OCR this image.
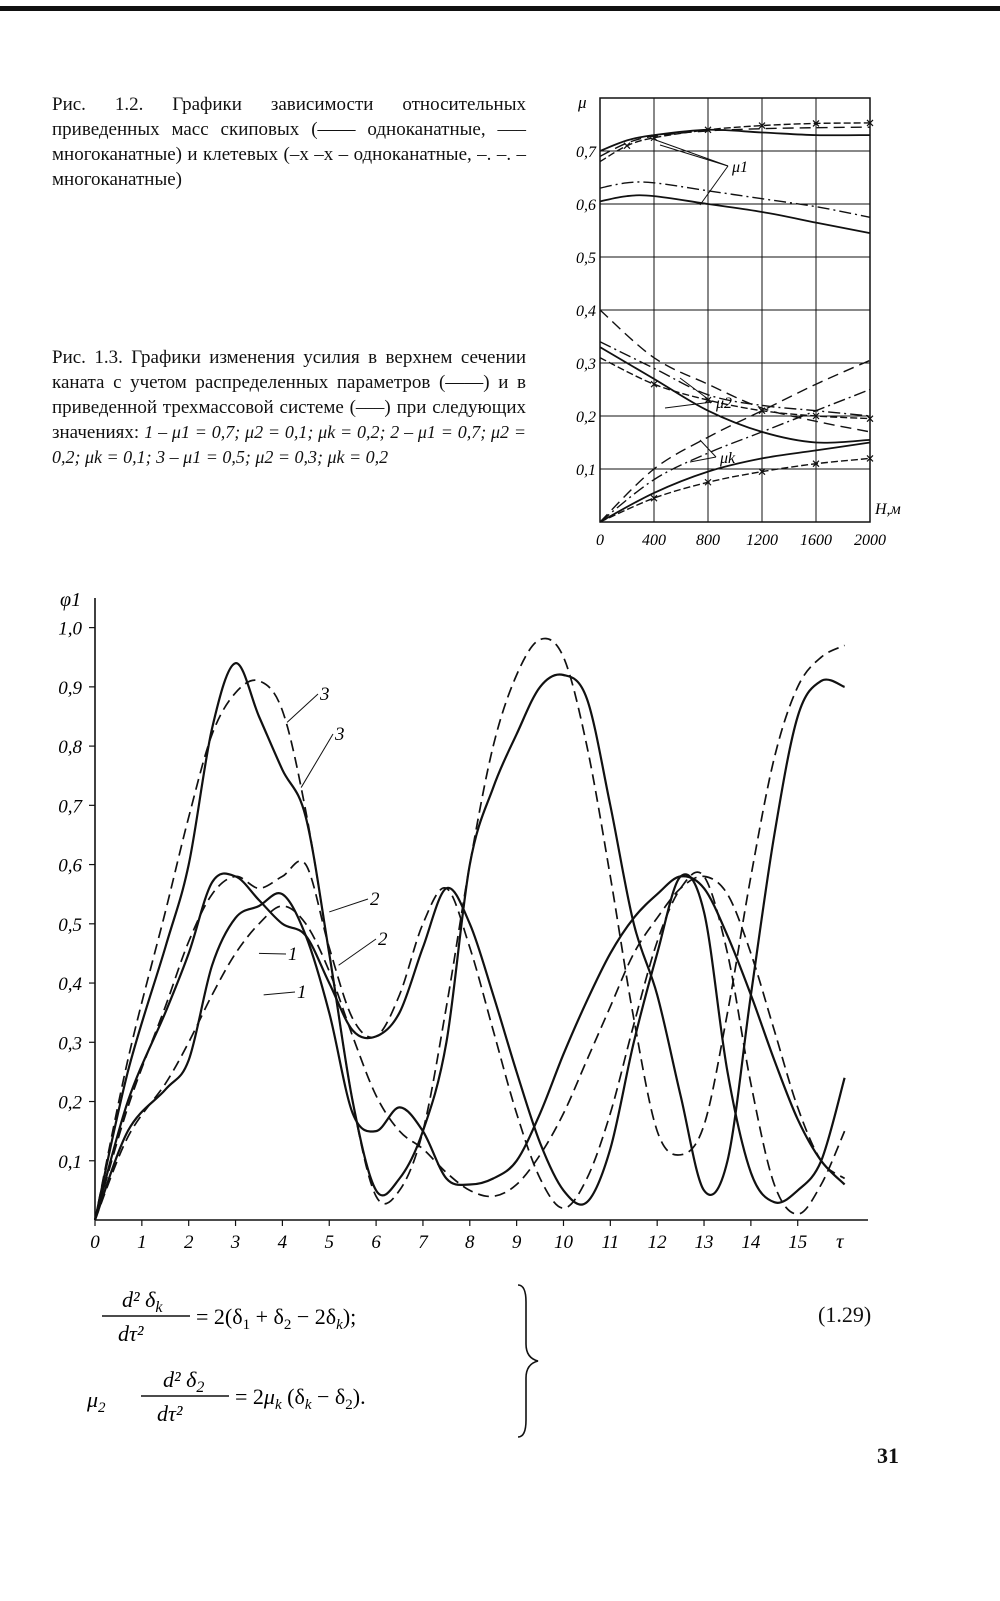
Рис. 1.2. Графики зависимости относительных приведенных масс скиповых (—— одноканатные, ––– многоканатные) и клетевых (–x –x – одноканатные, –. –. – многоканатные)

Рис. 1.3. Графики изменения усилия в верхнем сечении каната с учетом распределенных параметров (——) и в приведенной трехмассовой системе (–––) при следующих значениях: 1 – μ1 = 0,7; μ2 = 0,1; μk = 0,2; 2 – μ1 = 0,7; μ2 = 0,2; μk = 0,1; 3 – μ1 = 0,5; μ2 = 0,3; μk = 0,2
0 400 800 1200 1600 2000
0,1
0,2
0,3
0,4
0,5
0,6
0,7
μ
H,м
μ1
μ2
μk
0 1 2 3 4 5 6 7 8 9 10 11 12 13 14 15
0,1
0,2
0,3
0,4
0,5
0,6
0,7
0,8
0,9
1,0
φ1
τ
3
3
2
2
1
1
d² $\delta_k$
dτ²
= $2(\delta_1 + \delta_2 - 2\delta_k)$;
$\mu_2$
d² $\delta_2$
dτ²
= $2\mu_k$ $(\delta_k - \delta_2)$.
(1.29)
31
